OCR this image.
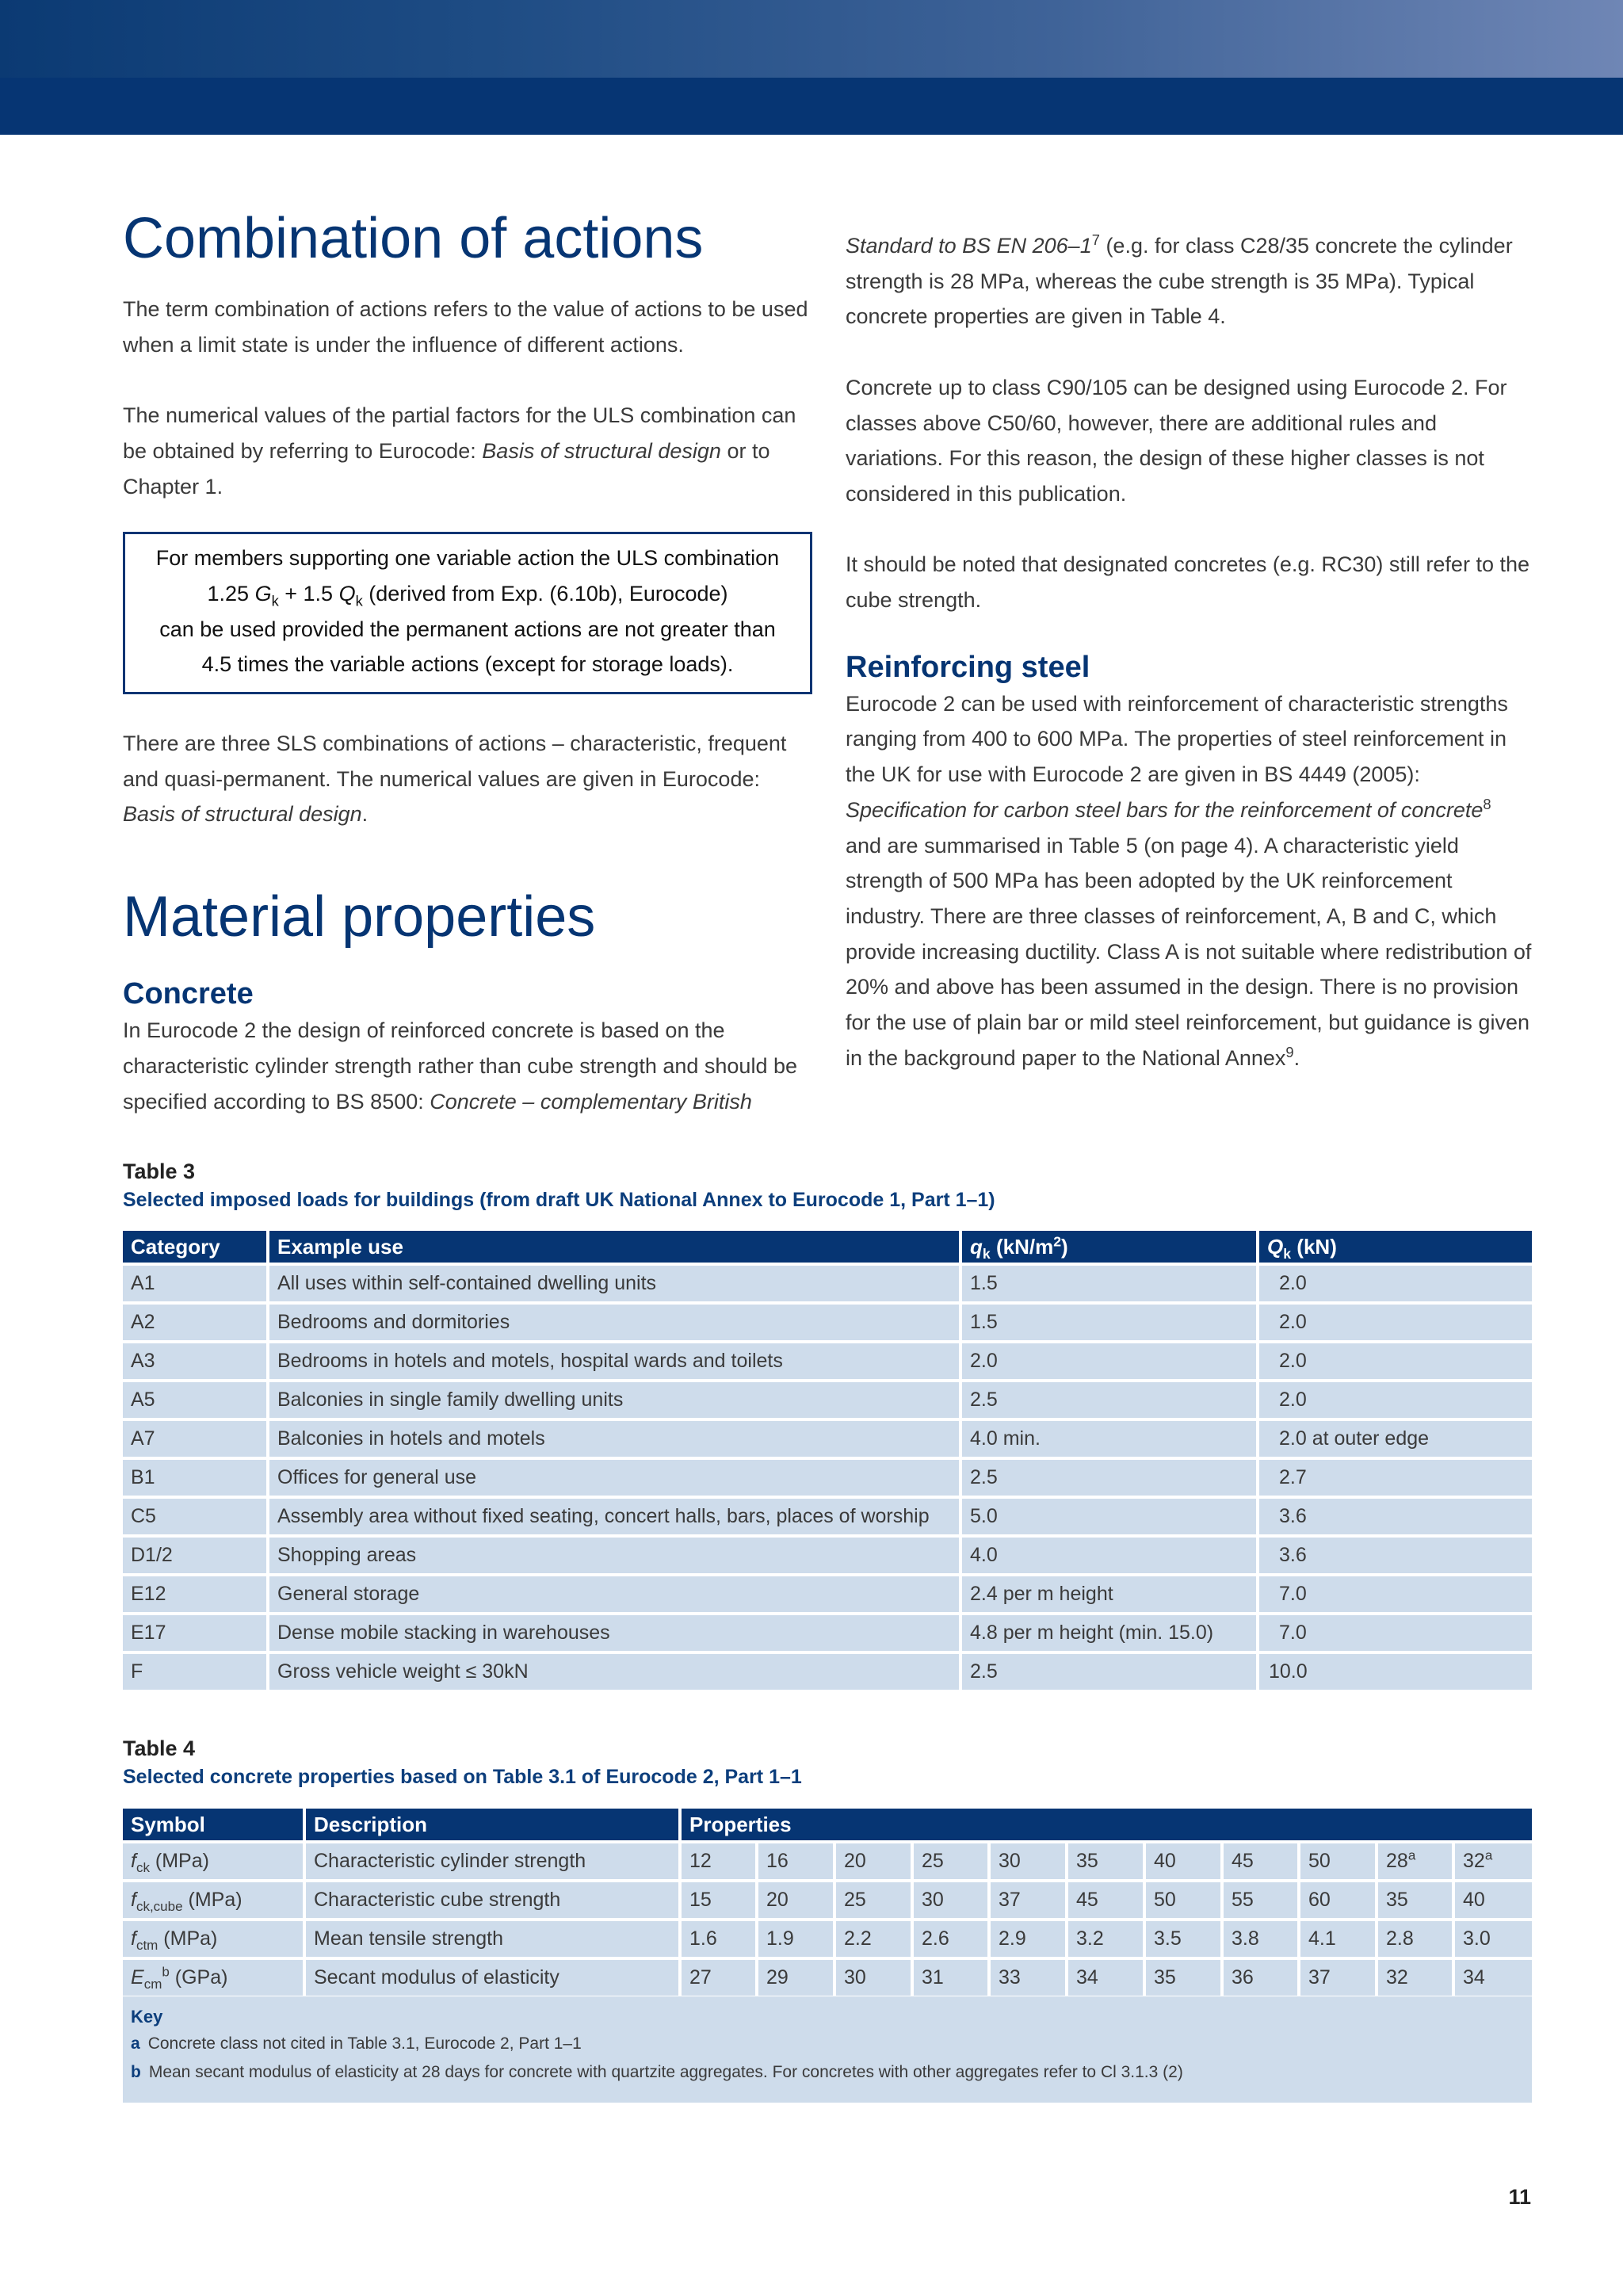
2. Getting started
Combination of actions

The term combination of actions refers to the value of actions to be used when a limit state is under the influence of different actions.

The numerical values of the partial factors for the ULS combination can be obtained by referring to Eurocode: Basis of structural design or to Chapter 1.

For members supporting one variable action the ULS combination
1.25 $G_k + 1.5$ $Q_k$ (derived from Exp. (6.10b), Eurocode)
can be used provided the permanent actions are not greater than
4.5 times the variable actions (except for storage loads).

There are three SLS combinations of actions – characteristic, frequent and quasi-permanent. The numerical values are given in Eurocode: Basis of structural design.

Material properties
Concrete

In Eurocode 2 the design of reinforced concrete is based on the characteristic cylinder strength rather than cube strength and should be specified according to BS 8500: Concrete – complementary British

Standard to BS EN $206-1^7$ (e.g. for class C28/35 concrete the cylinder strength is 28 MPa, whereas the cube strength is 35 MPa). Typical concrete properties are given in Table 4.

Concrete up to class C90/105 can be designed using Eurocode 2. For classes above C50/60, however, there are additional rules and variations. For this reason, the design of these higher classes is not considered in this publication.

It should be noted that designated concretes (e.g. RC30) still refer to the cube strength.

Reinforcing steel

Eurocode 2 can be used with reinforcement of characteristic strengths ranging from 400 to 600 MPa. The properties of steel reinforcement in the UK for use with Eurocode 2 are given in BS 4449 (2005): Specification for carbon steel bars for the reinforcement of concrete$^8$ and are summarised in Table 5 (on page 4). A characteristic yield strength of 500 MPa has been adopted by the UK reinforcement industry. There are three classes of reinforcement, A, B and C, which provide increasing ductility. Class A is not suitable where redistribution of 20% and above has been assumed in the design. There is no provision for the use of plain bar or mild steel reinforcement, but guidance is given in the background paper to the National Annex$^9$.

Table 3

Selected imposed loads for buildings (from draft UK National Annex to Eurocode 1, Part 1–1)

Category	Example use	$q_k$ $(kN/m^2)$	$Q_k$ (kN)
A1	All uses within self-contained dwelling units	1.5	2.0
A2	Bedrooms and dormitories	1.5	2.0
A3	Bedrooms in hotels and motels, hospital wards and toilets	2.0	2.0
A5	Balconies in single family dwelling units	2.5	2.0
A7	Balconies in hotels and motels	4.0 min.	2.0 at outer edge
B1	Offices for general use	2.5	2.7
C5	Assembly area without fixed seating, concert halls, bars, places of worship	5.0	3.6
D1/2	Shopping areas	4.0	3.6
E12	General storage	2.4 per m height	7.0
E17	Dense mobile stacking in warehouses	4.8 per m height (min. 15.0)	7.0
F	Gross vehicle weight ≤ 30kN	2.5	10.0

Table 4

Selected concrete properties based on Table 3.1 of Eurocode 2, Part 1–1

Symbol	Description	Properties										
$f_{ck}$ (MPa)	Characteristic cylinder strength	12	16	20	25	30	35	40	45	50	28$^a$	32$^a$
$f_{ck,cube}$ (MPa)	Characteristic cube strength	15	20	25	30	37	45	50	55	60	35	40
$f_{ctm}$ (MPa)	Mean tensile strength	1.6	1.9	2.2	2.6	2.9	3.2	3.5	3.8	4.1	2.8	3.0
$E_{cm}^b$ (GPa)	Secant modulus of elasticity	27	29	30	31	33	34	35	36	37	32	34
Key
a Concrete class not cited in Table 3.1, Eurocode 2, Part 1–1
b Mean secant modulus of elasticity at 28 days for concrete with quartzite aggregates. For concretes with other aggregates refer to Cl 3.1.3 (2)
11
